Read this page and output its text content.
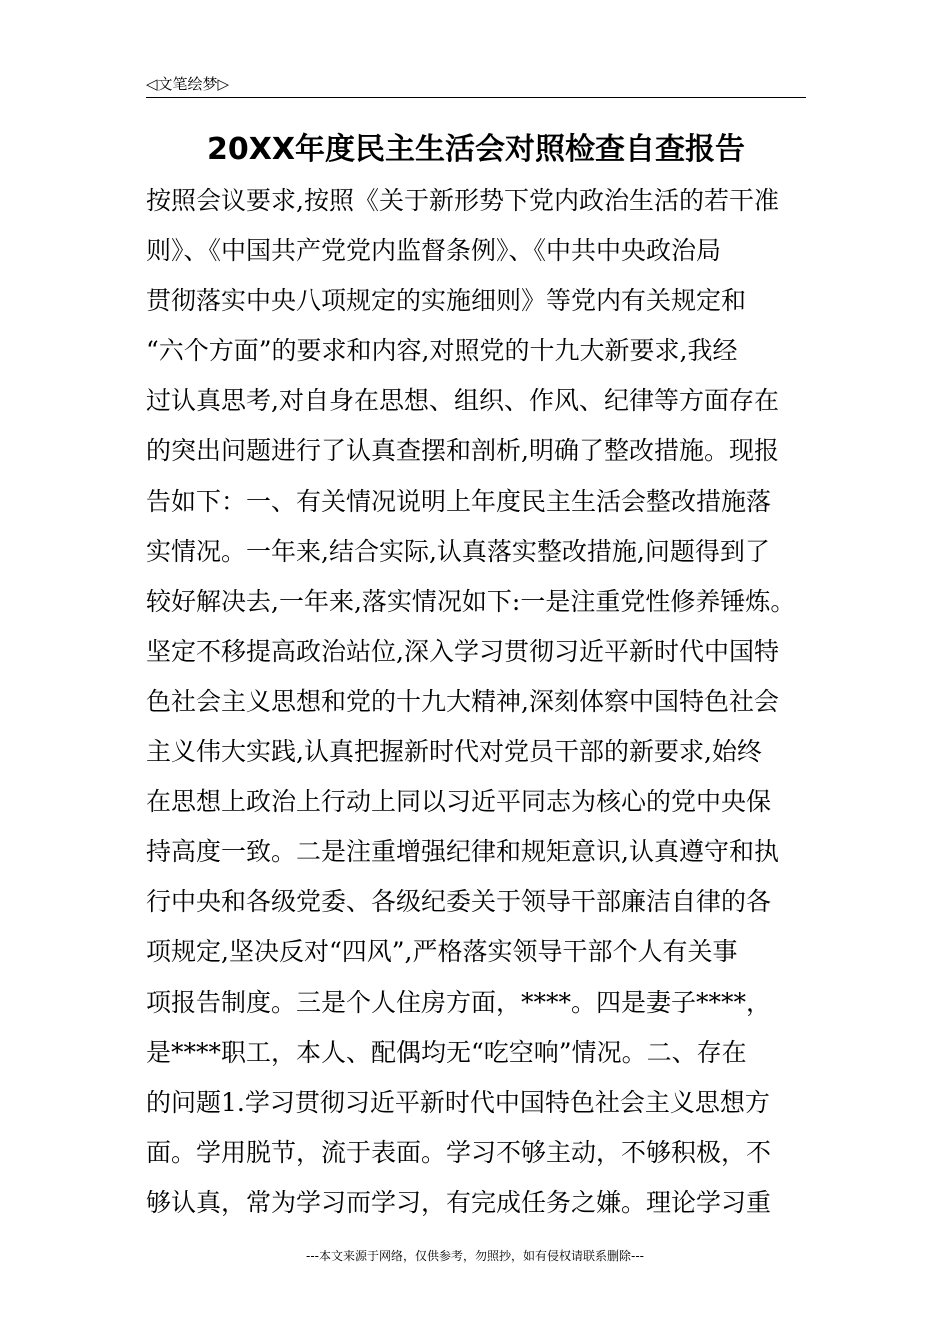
◁文笔绘梦▷
20XX年度民主生活会对照检查自查报告
按照会议要求,按照《关于新形势下党内政治生活的若干准
则》、《中国共产党党内监督条例》、《中共中央政治局
贯彻落实中央八项规定的实施细则》等党内有关规定和
“六个方面”的要求和内容,对照党的十九大新要求,我经
过认真思考,对自身在思想、组织、作风、纪律等方面存在
的突出问题进行了认真查摆和剖析,明确了整改措施。现报
告如下：一、有关情况说明上年度民主生活会整改措施落
实情况。一年来,结合实际,认真落实整改措施,问题得到了
较好解决去,一年来,落实情况如下:一是注重党性修养锤炼。
坚定不移提高政治站位,深入学习贯彻习近平新时代中国特
色社会主义思想和党的十九大精神,深刻体察中国特色社会
主义伟大实践,认真把握新时代对党员干部的新要求,始终
在思想上政治上行动上同以习近平同志为核心的党中央保
持高度一致。二是注重增强纪律和规矩意识,认真遵守和执
行中央和各级党委、各级纪委关于领导干部廉洁自律的各
项规定,坚决反对“四风”,严格落实领导干部个人有关事
项报告制度。三是个人住房方面，****。四是妻子****，
是****职工，本人、配偶均无“吃空响”情况。二、存在
的问题1.学习贯彻习近平新时代中国特色社会主义思想方
面。学用脱节，流于表面。学习不够主动，不够积极，不
够认真，常为学习而学习，有完成任务之嫌。理论学习重
---本文来源于网络，仅供参考，勿照抄，如有侵权请联系删除---
